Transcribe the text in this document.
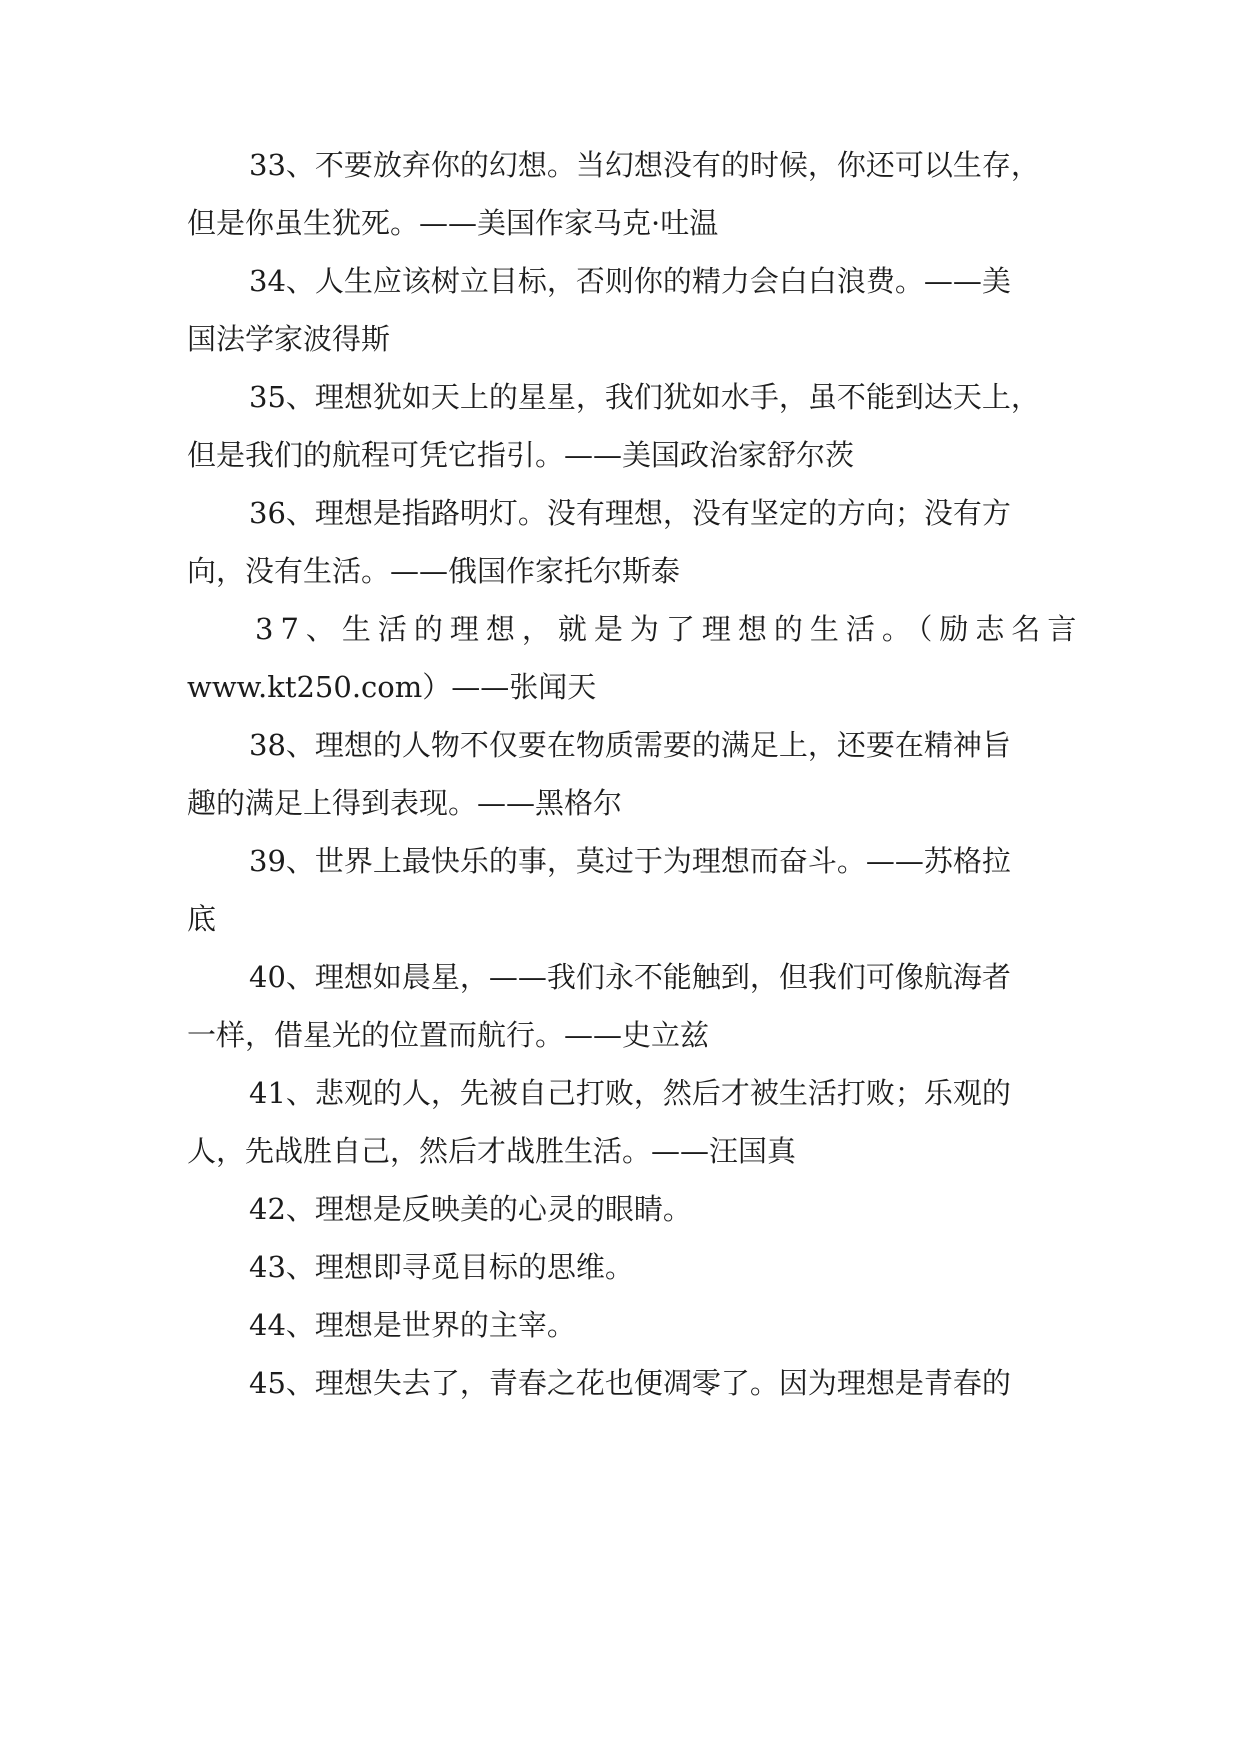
33、不要放弃你的幻想。当幻想没有的时候，你还可以生存，
但是你虽生犹死。——美国作家马克·吐温
34、人生应该树立目标，否则你的精力会白白浪费。——美
国法学家波得斯
35、理想犹如天上的星星，我们犹如水手，虽不能到达天上，
但是我们的航程可凭它指引。——美国政治家舒尔茨
36、理想是指路明灯。没有理想，没有坚定的方向；没有方
向，没有生活。——俄国作家托尔斯泰
37、生活的理想，就是为了理想的生活。（励志名言
www.kt250.com）——张闻天
38、理想的人物不仅要在物质需要的满足上，还要在精神旨
趣的满足上得到表现。——黑格尔
39、世界上最快乐的事，莫过于为理想而奋斗。——苏格拉
底
40、理想如晨星，——我们永不能触到，但我们可像航海者
一样，借星光的位置而航行。——史立兹
41、悲观的人，先被自己打败，然后才被生活打败；乐观的
人，先战胜自己，然后才战胜生活。——汪国真
42、理想是反映美的心灵的眼睛。
43、理想即寻觅目标的思维。
44、理想是世界的主宰。
45、理想失去了，青春之花也便凋零了。因为理想是青春的
